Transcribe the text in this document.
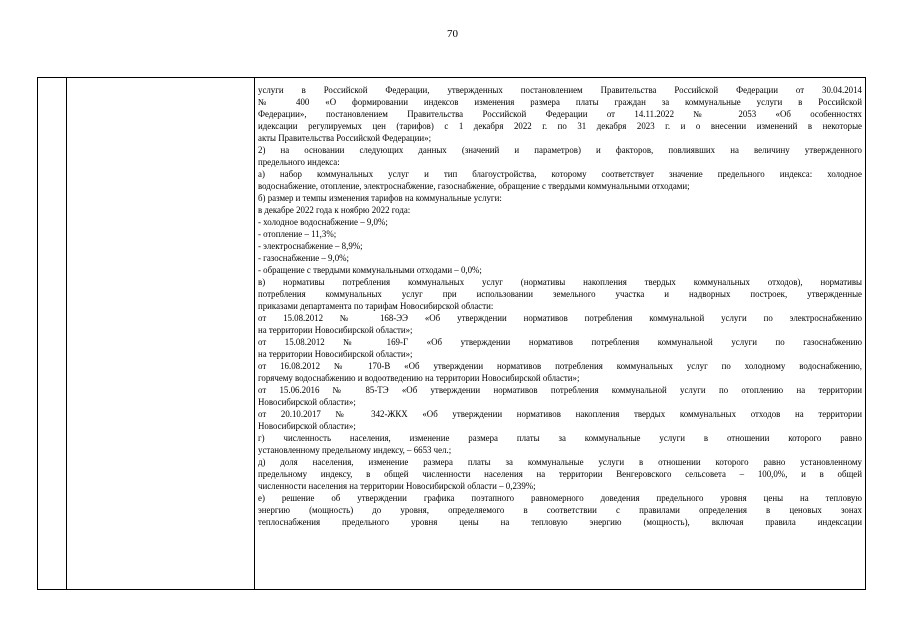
70
услуги в Российской Федерации, утвержденных постановлением Правительства Российской Федерации от 30.04.2014
№ 400 «О формировании индексов изменения размера платы граждан за коммунальные услуги в Российской
Федерации», постановлением Правительства Российской Федерации от 14.11.2022 № 2053 «Об особенностях
идексации регулируемых цен (тарифов) с 1 декабря 2022 г. по 31 декабря 2023 г. и о внесении изменений в некоторые
акты Правительства Российской Федерации»;
2) на основании следующих данных (значений и параметров) и факторов, повлиявших на величину утвержденного
предельного индекса:
а) набор коммунальных услуг и тип благоустройства, которому соответствует значение предельного индекса: холодное
водоснабжение, отопление, электроснабжение, газоснабжение, обращение с твердыми коммунальными отходами;
б) размер и темпы изменения тарифов на коммунальные услуги:
в декабре 2022 года к ноябрю 2022 года:
- холодное водоснабжение – 9,0%;
- отопление – 11,3%;
- электроснабжение – 8,9%;
- газоснабжение – 9,0%;
- обращение с твердыми коммунальными отходами – 0,0%;
в) нормативы потребления коммунальных услуг (нормативы накопления твердых коммунальных отходов), нормативы
потребления коммунальных услуг при использовании земельного участка и надворных построек, утвержденные
приказами департамента по тарифам Новосибирской области:
от 15.08.2012 № 168-ЭЭ «Об утверждении нормативов потребления коммунальной услуги по электроснабжению
на территории Новосибирской области»;
от 15.08.2012 № 169-Г «Об утверждении нормативов потребления коммунальной услуги по газоснабжению
на территории Новосибирской области»;
от 16.08.2012 № 170-В «Об утверждении нормативов потребления коммунальных услуг по холодному водоснабжению,
горячему водоснабжению и водоотведению на территории Новосибирской области»;
от 15.06.2016 № 85-ТЭ «Об утверждении нормативов потребления коммунальной услуги по отоплению на территории
Новосибирской области»;
от 20.10.2017 № 342-ЖКХ «Об утверждении нормативов накопления твердых коммунальных отходов на территории
Новосибирской области»;
г) численность населения, изменение размера платы за коммунальные услуги в отношении которого равно
установленному предельному индексу, – 6653 чел.;
д) доля населения, изменение размера платы за коммунальные услуги в отношении которого равно установленному
предельному индексу, в общей численности населения на территории Венгеровского сельсовета – 100,0%, и в общей
численности населения на территории Новосибирской области – 0,239%;
е) решение об утверждении графика поэтапного равномерного доведения предельного уровня цены на тепловую
энергию (мощность) до уровня, определяемого в соответствии с правилами определения в ценовых зонах
теплоснабжения предельного уровня цены на тепловую энергию (мощность), включая правила индексации
